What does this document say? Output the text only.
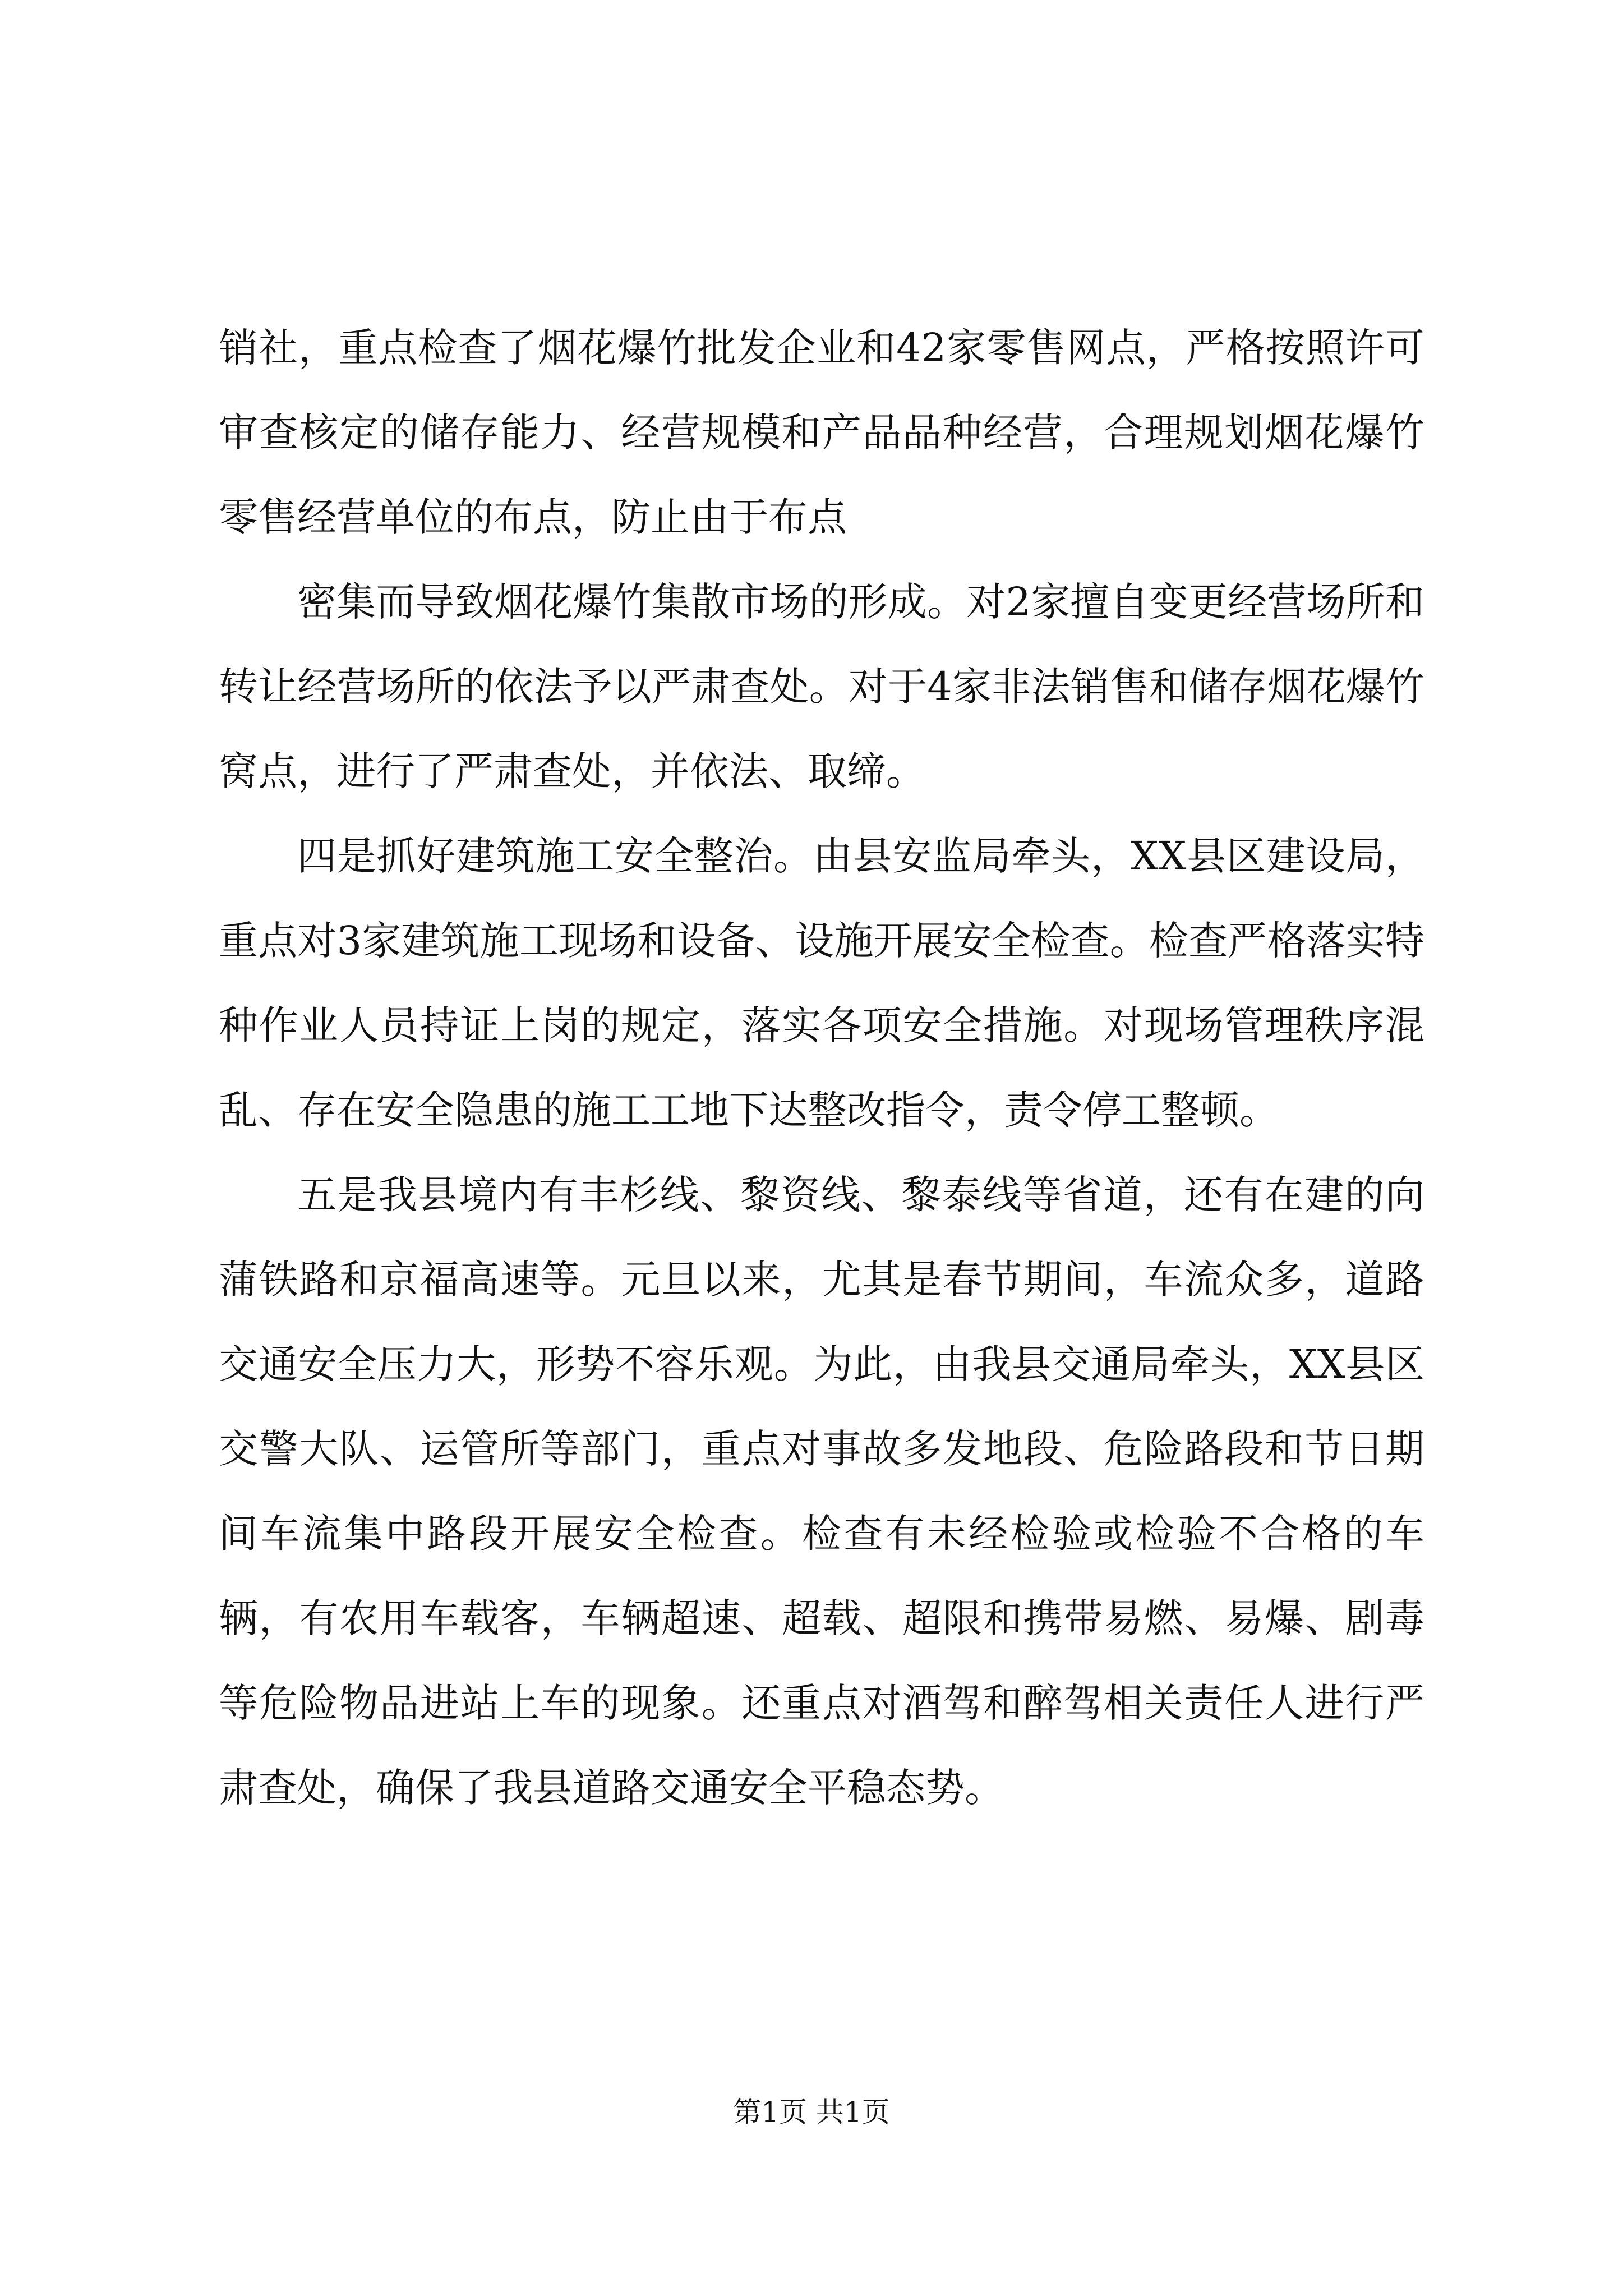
销社，重点检查了烟花爆竹批发企业和42家零售网点，严格按照许可审查核定的储存能力、经营规模和产品品种经营，合理规划烟花爆竹零售经营单位的布点，防止由于布点

密集而导致烟花爆竹集散市场的形成。对2家擅自变更经营场所和转让经营场所的依法予以严肃查处。对于4家非法销售和储存烟花爆竹窝点，进行了严肃查处，并依法、取缔。

四是抓好建筑施工安全整治。由县安监局牵头，XX县区建设局，重点对3家建筑施工现场和设备、设施开展安全检查。检查严格落实特种作业人员持证上岗的规定，落实各项安全措施。对现场管理秩序混乱、存在安全隐患的施工工地下达整改指令，责令停工整顿。

五是我县境内有丰杉线、黎资线、黎泰线等省道，还有在建的向蒲铁路和京福高速等。元旦以来，尤其是春节期间，车流众多，道路交通安全压力大，形势不容乐观。为此，由我县交通局牵头，XX县区交警大队、运管所等部门，重点对事故多发地段、危险路段和节日期间车流集中路段开展安全检查。检查有未经检验或检验不合格的车辆，有农用车载客，车辆超速、超载、超限和携带易燃、易爆、剧毒等危险物品进站上车的现象。还重点对酒驾和醉驾相关责任人进行严肃查处，确保了我县道路交通安全平稳态势。

第1页 共1页
